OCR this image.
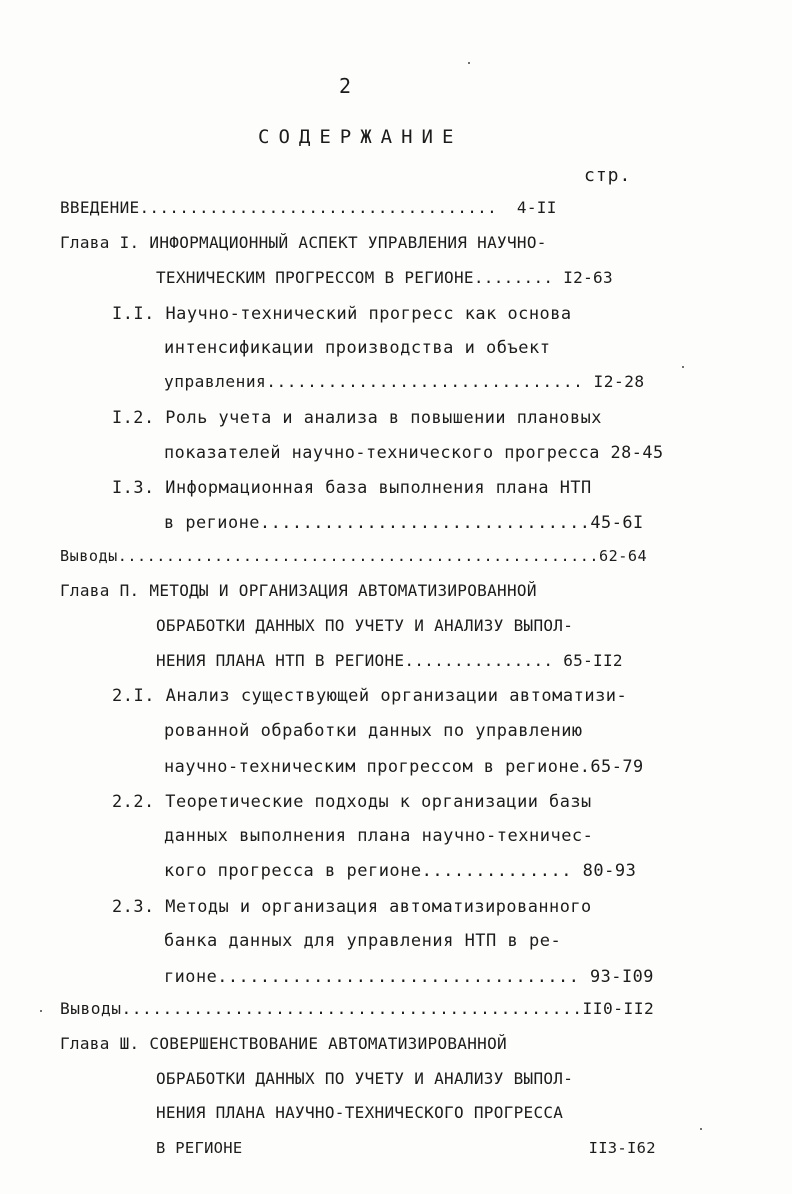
2
СОДЕРЖАНИЕ
стр.
ВВЕДЕНИЕ....................................  4-II
Глава I. ИНФОРМАЦИОННЫЙ АСПЕКТ УПРАВЛЕНИЯ НАУЧНО-
ТЕХНИЧЕСКИМ ПРОГРЕССОМ В РЕГИОНЕ........ I2-63
I.I. Научно-технический прогресс как основа
интенсификации производства и объект
управления............................... I2-28
I.2. Роль учета и анализа в повышении плановых
показателей научно-технического прогресса 28-45
I.3. Информационная база выполнения плана НТП
в регионе...............................45-6I
Выводы..................................................62-64
Глава П. МЕТОДЫ И ОРГАНИЗАЦИЯ АВТОМАТИЗИРОВАННОЙ
ОБРАБОТКИ ДАННЫХ ПО УЧЕТУ И АНАЛИЗУ ВЫПОЛ-
НЕНИЯ ПЛАНА НТП В РЕГИОНЕ............... 65-II2
2.I. Анализ существующей организации автоматизи-
рованной обработки данных по управлению
научно-техническим прогрессом в регионе.65-79
2.2. Теоретические подходы к организации базы
данных выполнения плана научно-техничес-
кого прогресса в регионе.............. 80-93
2.3. Методы и организация автоматизированного
банка данных для управления НТП в ре-
гионе.................................. 93-I09
Выводы.............................................II0-II2
Глава Ш. СОВЕРШЕНСТВОВАНИЕ АВТОМАТИЗИРОВАННОЙ
ОБРАБОТКИ ДАННЫХ ПО УЧЕТУ И АНАЛИЗУ ВЫПОЛ-
НЕНИЯ ПЛАНА НАУЧНО-ТЕХНИЧЕСКОГО ПРОГРЕССА
В РЕГИОНЕ                                    II3-I62
